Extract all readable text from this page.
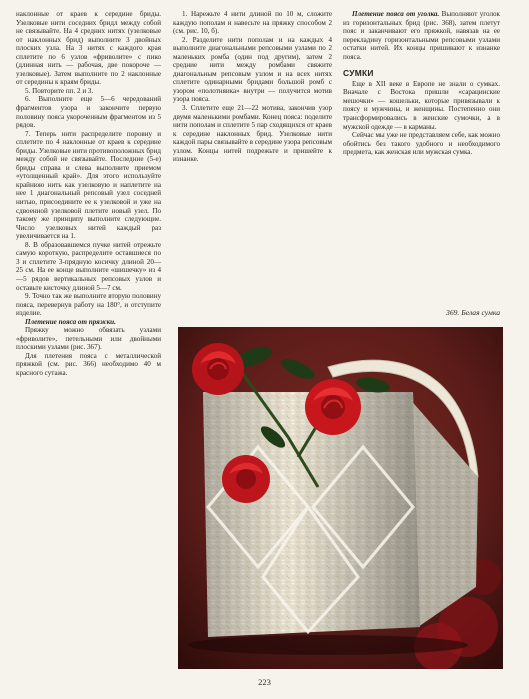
наклонные от краев к середине бриды. Узелковые нити соседних бридл между собой не связывайте. На 4 средних нитях (узелковые от наклонных брид) выполните 3 двойных плоских узла. На 3 нитях с каждого края сплетите по 6 узлов «фриволите» с пико (длинная нить — рабочая, две покороче — узелковые). Затем выполните по 2 наклонные от середины к краям бриды.

5. Повторите пп. 2 и 3.

6. Выполните еще 5—6 чередований фрагментов узора и закончите первую половину пояса укороченным фрагментом из 5 рядов.

7. Теперь нити распределите поровну и сплетите по 4 наклонные от краев к середине бриды. Узелковые нити противоположных брид между собой не связывайте. Последние (5-е) бриды справа и слева выполните приемом «утолщенный край». Для этого используйте крайнюю нить как узелковую и наплетите на нее 1 диагональный репсовый узел соседней нитью, присоедините ее к узелковой и уже на сдвоенной узелковой плетите новый узел. По такому же принципу выполните следующие. Число узелковых нитей каждый раз увеличивается на 1.

8. В образовавшемся пучке нитей отрежьте самую короткую, распределите оставшиеся по 3 и сплетите 3-прядную косичку длиной 20—25 см. На ее конце выполните «шишечку» из 4—5 рядов вертикальных репсовых узлов и оставьте кисточку длиной 5—7 см.

9. Точно так же выполните вторую половину пояса, перевернув работу на 180°, и отступите изделие.

Плетение пояса от пряжки.

Пряжку можно обвязать узлами «фриволите», петельными или двойными плоскими узлами (рис. 367).

Для плетения пояса с металлической пряжкой (см. рис. 366) необходимо 40 м красного сутажа.

1. Нарежьте 4 нити длиной по 10 м, сложите каждую пополам и навесьте на пряжку способом 2 (см. рис. 10, б).

2. Разделите нити пополам и на каждых 4 выполните диагональными репсовыми узлами по 2 маленьких ромба (один под другим), затем 2 средние нити между ромбами свяжите диагональным репсовым узлом и на всех нитях сплетите одинарными бридами большой ромб с узором «полотняика» внутри — получится мотив узора пояса.

3. Сплетите еще 21—22 мотива, закончив узор двумя маленькими ромбами. Конец пояса: поделите нити пополам и сплетите 5 пар сходящихся от краев к середине наклонных брид. Узелковые нити каждой пары связывайте в середине узора репсовым узлом. Концы нитей подрежьте и пришейте к изнанке.

Плетение пояса от уголка. Выполняют уголок из горизонтальных брид (рис. 368), затем плетут пояс и заканчивают его пряжкой, навязав на ее перекладину горизонтальными репсовыми узлами остатки нитей. Их концы пришивают к изнанке пояса.

СУМКИ

Еще в XII веке в Европе не знали о сумках. Вначале с Востока пришли «сарацинские мешочки» — кошельки, которые привязывали к поясу и мужчины, и женщины. Постепенно они трансформировались в женские сумочки, а в мужской одежде — в карманы.

Сейчас мы уже не представляем себе, как можно обойтись без такого удобного и необходимого предмета, как женская или мужская сумка.

369. Белая сумка
223
